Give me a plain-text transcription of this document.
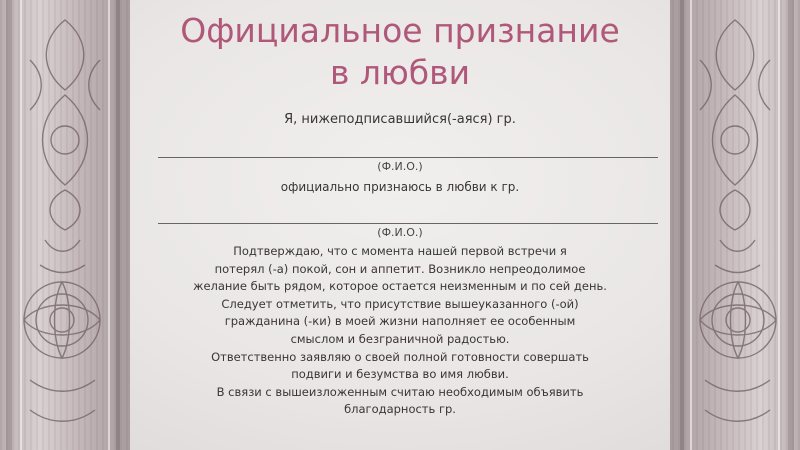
Официальное признание
в любви
Я, нижеподписавшийся(-аяся) гр.
(Ф.И.О.)
официально признаюсь в любви к гр.
(Ф.И.О.)

Подтверждаю, что с момента нашей первой встречи я
потерял (-а) покой, сон и аппетит. Возникло непреодолимое
желание быть рядом, которое остается неизменным и по сей день.
Следует отметить, что присутствие вышеуказанного (-ой)
гражданина (-ки) в моей жизни наполняет ее особенным
смыслом и безграничной радостью.
Ответственно заявляю о своей полной готовности совершать
подвиги и безумства во имя любви.
В связи с вышеизложенным считаю необходимым объявить
благодарность гр.
